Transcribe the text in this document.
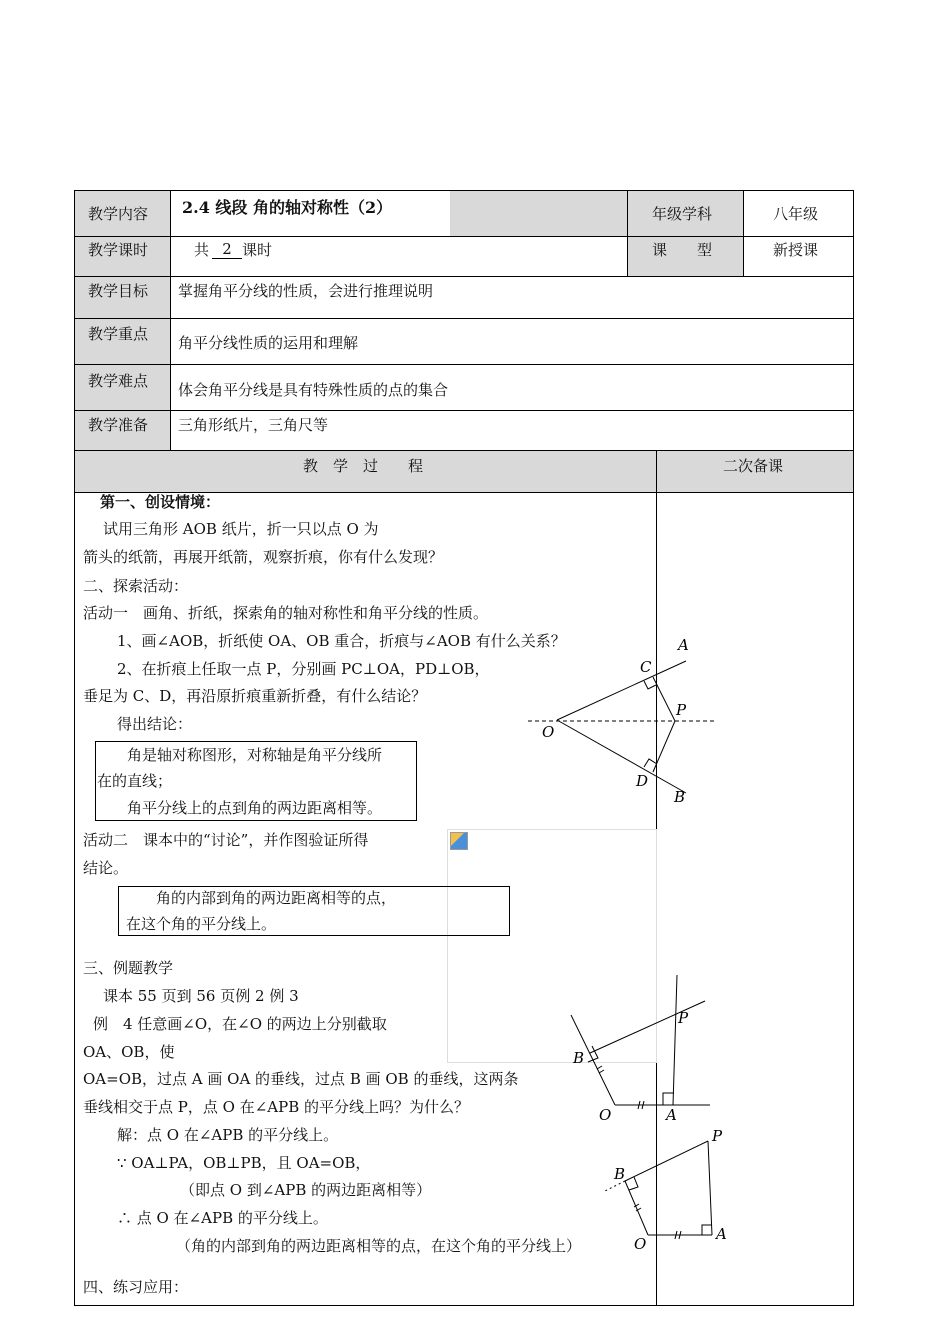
教学内容 2.4 线段 角的轴对称性（2）	年级学科	八年级
教学课时	共 2 课时	课　　型	新授课
教学目标 掌握角平分线的性质，会进行推理说明
教学重点 角平分线性质的运用和理解
教学难点 体会角平分线是具有特殊性质的点的集合
教学准备 三角形纸片，三角尺等
教　学　过　　程	二次备课
第一、创设情境：
试用三角形 AOB 纸片，折一只以点 O 为
箭头的纸箭，再展开纸箭，观察折痕，你有什么发现？
二、探索活动：
活动一　画角、折纸，探索角的轴对称性和角平分线的性质。
1、画∠AOB，折纸使 OA、OB 重合，折痕与∠AOB 有什么关系？
2、在折痕上任取一点 P，分别画 PC⊥OA，PD⊥OB，
垂足为 C、D，再沿原折痕重新折叠，有什么结论？
得出结论：
角是轴对称图形，对称轴是角平分线所
在的直线；
角平分线上的点到角的两边距离相等。
活动二　课本中的“讨论”，并作图验证所得
结论。
角的内部到角的两边距离相等的点，
在这个角的平分线上。
三、例题教学
课本 55 页到 56 页例 2 例 3
例　4 任意画∠O，在∠O 的两边上分别截取
OA、OB，使
OA=OB，过点 A 画 OA 的垂线，过点 B 画 OB 的垂线，这两条
垂线相交于点 P，点 O 在∠APB 的平分线上吗？为什么？
解：点 O 在∠APB 的平分线上。
∵ OA⊥PA，OB⊥PB，且 OA=OB，
（即点 O 到∠APB 的两边距离相等）
∴ 点 O 在∠APB 的平分线上。
（角的内部到角的两边距离相等的点，在这个角的平分线上）
四、练习应用：
A
C
P
O
D
B
P
B
O	A
P
B
O
A
